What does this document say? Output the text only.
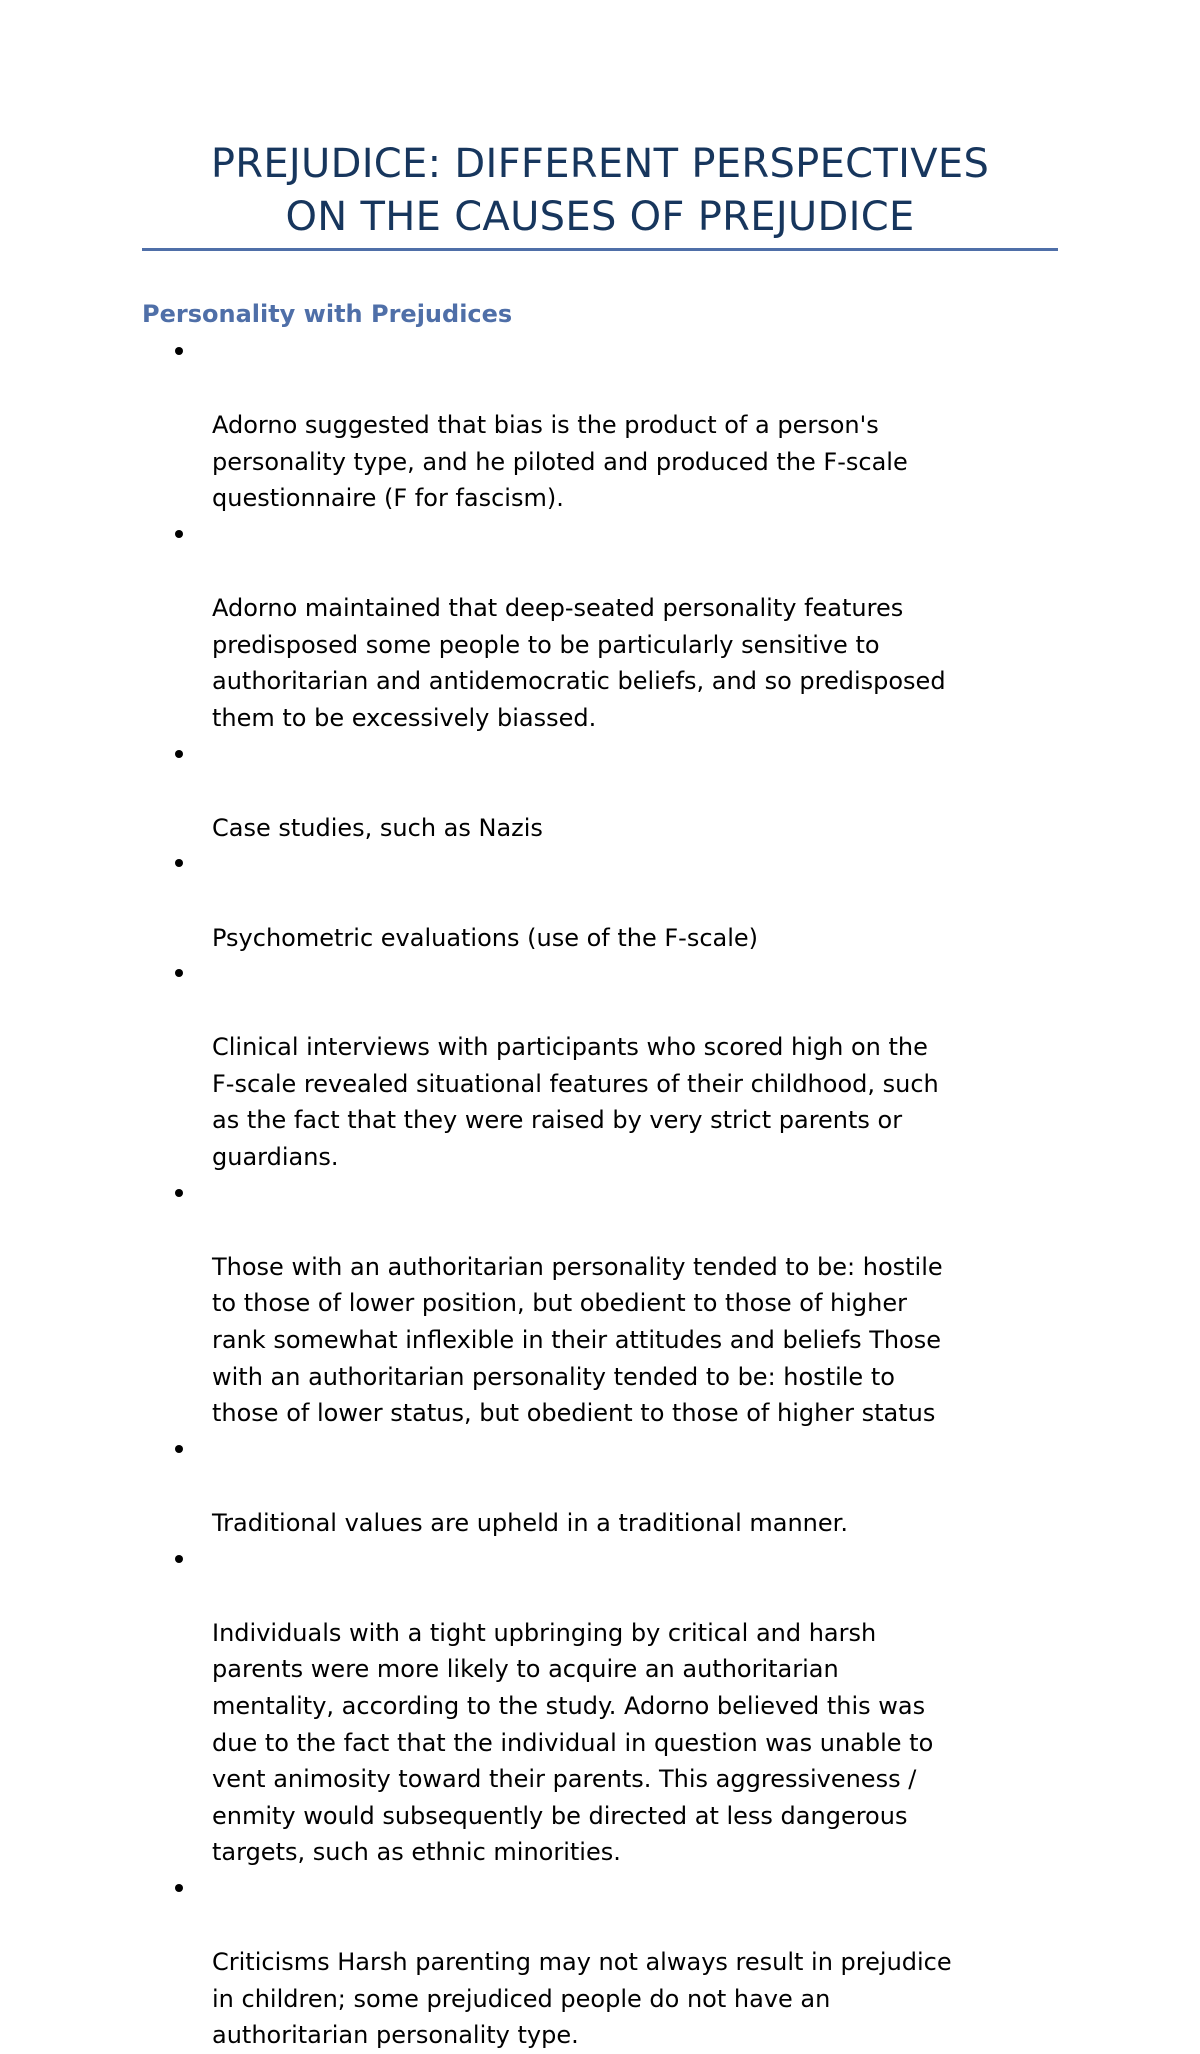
PREJUDICE: DIFFERENT PERSPECTIVES
ON THE CAUSES OF PREJUDICE
Personality with Prejudices

Adorno suggested that bias is the product of a person's
personality type, and he piloted and produced the F-scale
questionnaire (F for fascism).

Adorno maintained that deep-seated personality features
predisposed some people to be particularly sensitive to
authoritarian and antidemocratic beliefs, and so predisposed
them to be excessively biassed.

Case studies, such as Nazis

Psychometric evaluations (use of the F-scale)

Clinical interviews with participants who scored high on the
F-scale revealed situational features of their childhood, such
as the fact that they were raised by very strict parents or
guardians.

Those with an authoritarian personality tended to be: hostile
to those of lower position, but obedient to those of higher
rank somewhat inflexible in their attitudes and beliefs Those
with an authoritarian personality tended to be: hostile to
those of lower status, but obedient to those of higher status

Traditional values are upheld in a traditional manner.

Individuals with a tight upbringing by critical and harsh
parents were more likely to acquire an authoritarian
mentality, according to the study. Adorno believed this was
due to the fact that the individual in question was unable to
vent animosity toward their parents. This aggressiveness /
enmity would subsequently be directed at less dangerous
targets, such as ethnic minorities.

Criticisms Harsh parenting may not always result in prejudice
in children; some prejudiced people do not have an
authoritarian personality type.
